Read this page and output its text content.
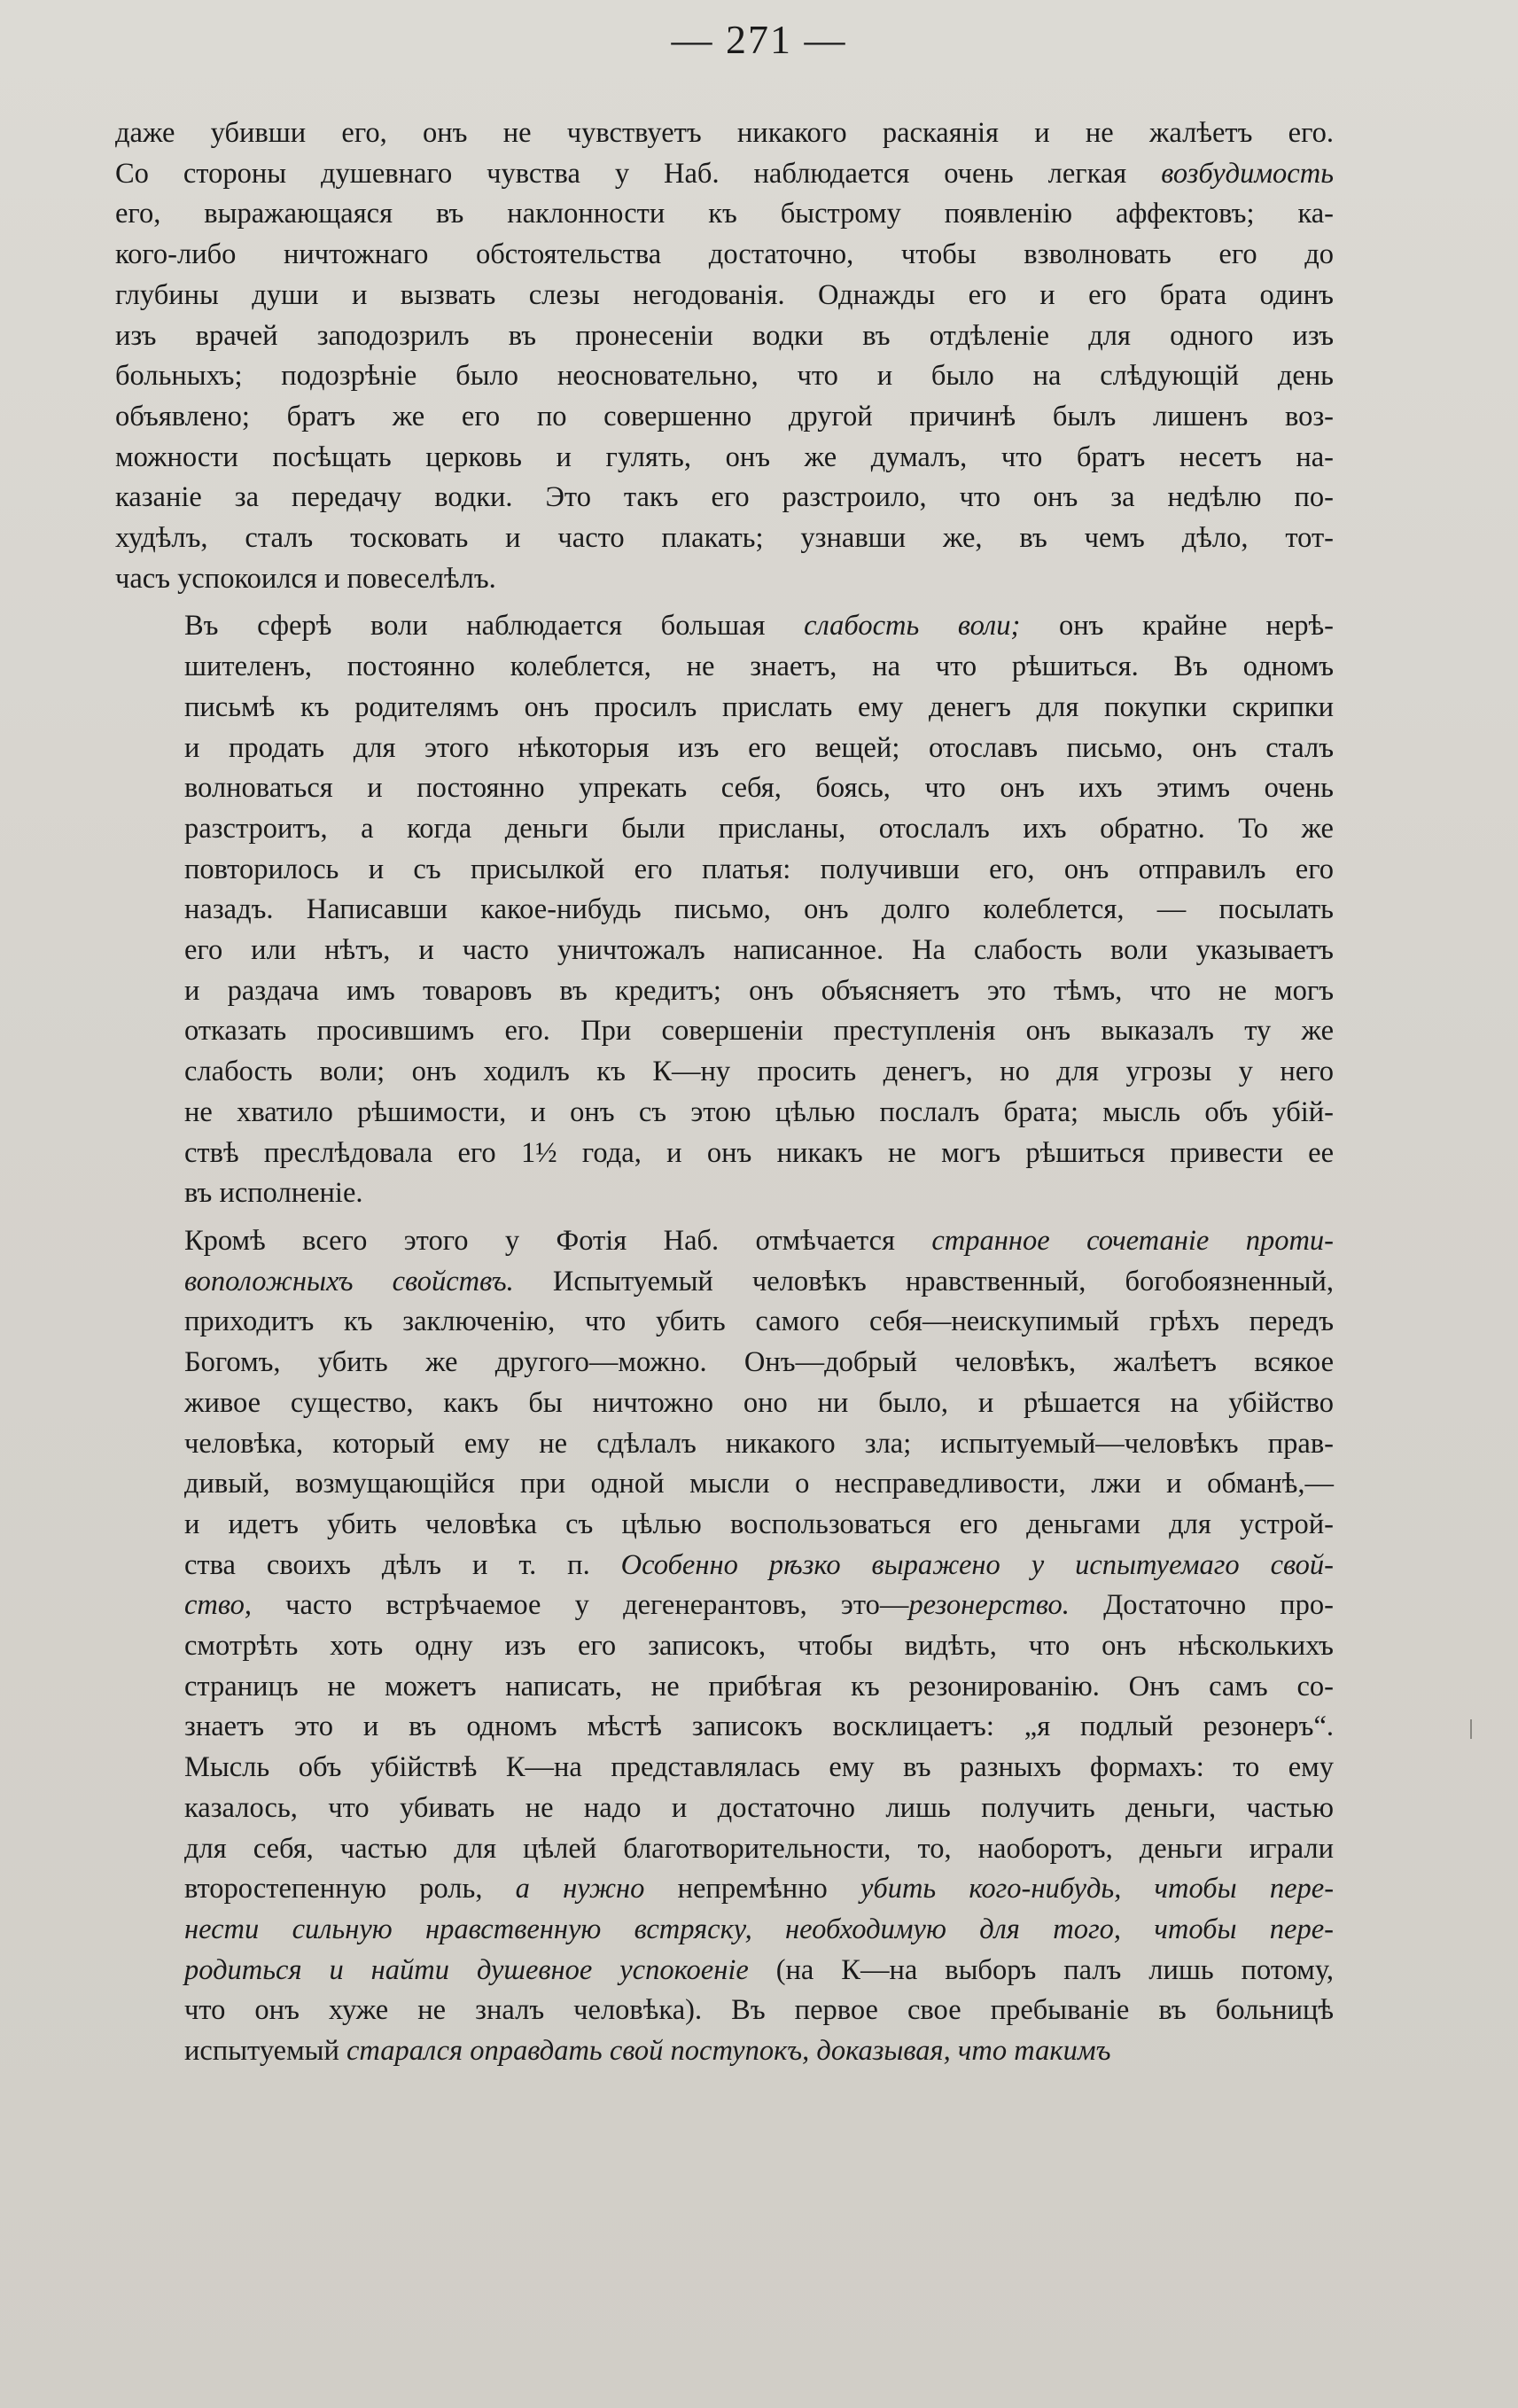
— 271 —
даже убивши его, онъ не чувствуетъ никакого раскаянія и не жалѣетъ его.
Со стороны душевнаго чувства у Наб. наблюдается очень легкая возбудимость
его, выражающаяся въ наклонности къ быстрому появленію аффектовъ; ка-
кого-либо ничтожнаго обстоятельства достаточно, чтобы взволновать его до
глубины души и вызвать слезы негодованія. Однажды его и его брата одинъ
изъ врачей заподозрилъ въ пронесеніи водки въ отдѣленіе для одного изъ
больныхъ; подозрѣніе было неосновательно, что и было на слѣдующій день
объявлено; братъ же его по совершенно другой причинѣ былъ лишенъ воз-
можности посѣщать церковь и гулять, онъ же думалъ, что братъ несетъ на-
казаніе за передачу водки. Это такъ его разстроило, что онъ за недѣлю по-
худѣлъ, сталъ тосковать и часто плакать; узнавши же, въ чемъ дѣло, тот-
часъ успокоился и повеселѣлъ.
Въ сферѣ воли наблюдается большая слабость воли; онъ крайне нерѣ-
шителенъ, постоянно колеблется, не знаетъ, на что рѣшиться. Въ одномъ
письмѣ къ родителямъ онъ просилъ прислать ему денегъ для покупки скрипки
и продать для этого нѣкоторыя изъ его вещей; отославъ письмо, онъ сталъ
волноваться и постоянно упрекать себя, боясь, что онъ ихъ этимъ очень
разстроитъ, а когда деньги были присланы, отослалъ ихъ обратно. То же
повторилось и съ присылкой его платья: получивши его, онъ отправилъ его
назадъ. Написавши какое-нибудь письмо, онъ долго колеблется, — посылать
его или нѣтъ, и часто уничтожалъ написанное. На слабость воли указываетъ
и раздача имъ товаровъ въ кредитъ; онъ объясняетъ это тѣмъ, что не могъ
отказать просившимъ его. При совершеніи преступленія онъ выказалъ ту же
слабость воли; онъ ходилъ къ К—ну просить денегъ, но для угрозы у него
не хватило рѣшимости, и онъ съ этою цѣлью послалъ брата; мысль объ убій-
ствѣ преслѣдовала его 1½ года, и онъ никакъ не могъ рѣшиться привести ее
въ исполненіе.
Кромѣ всего этого у Фотія Наб. отмѣчается странное сочетаніе проти-
воположныхъ свойствъ. Испытуемый человѣкъ нравственный, богобоязненный,
приходитъ къ заключенію, что убить самого себя—неискупимый грѣхъ передъ
Богомъ, убить же другого—можно. Онъ—добрый человѣкъ, жалѣетъ всякое
живое существо, какъ бы ничтожно оно ни было, и рѣшается на убійство
человѣка, который ему не сдѣлалъ никакого зла; испытуемый—человѣкъ прав-
дивый, возмущающійся при одной мысли о несправедливости, лжи и обманѣ,—
и идетъ убить человѣка съ цѣлью воспользоваться его деньгами для устрой-
ства своихъ дѣлъ и т. п. Особенно рѣзко выражено у испытуемаго свой-
ство, часто встрѣчаемое у дегенерантовъ, это—резонерство. Достаточно про-
смотрѣть хоть одну изъ его записокъ, чтобы видѣть, что онъ нѣсколькихъ
страницъ не можетъ написать, не прибѣгая къ резонированію. Онъ самъ со-
знаетъ это и въ одномъ мѣстѣ записокъ восклицаетъ: „я подлый резонеръ“.
Мысль объ убійствѣ К—на представлялась ему въ разныхъ формахъ: то ему
казалось, что убивать не надо и достаточно лишь получить деньги, частью
для себя, частью для цѣлей благотворительности, то, наоборотъ, деньги играли
второстепенную роль, а нужно непремѣнно убить кого-нибудь, чтобы пере-
нести сильную нравственную встряску, необходимую для того, чтобы пере-
родиться и найти душевное успокоеніе (на К—на выборъ палъ лишь потому,
что онъ хуже не зналъ человѣка). Въ первое свое пребываніе въ больницѣ
испытуемый старался оправдать свой поступокъ, доказывая, что такимъ
